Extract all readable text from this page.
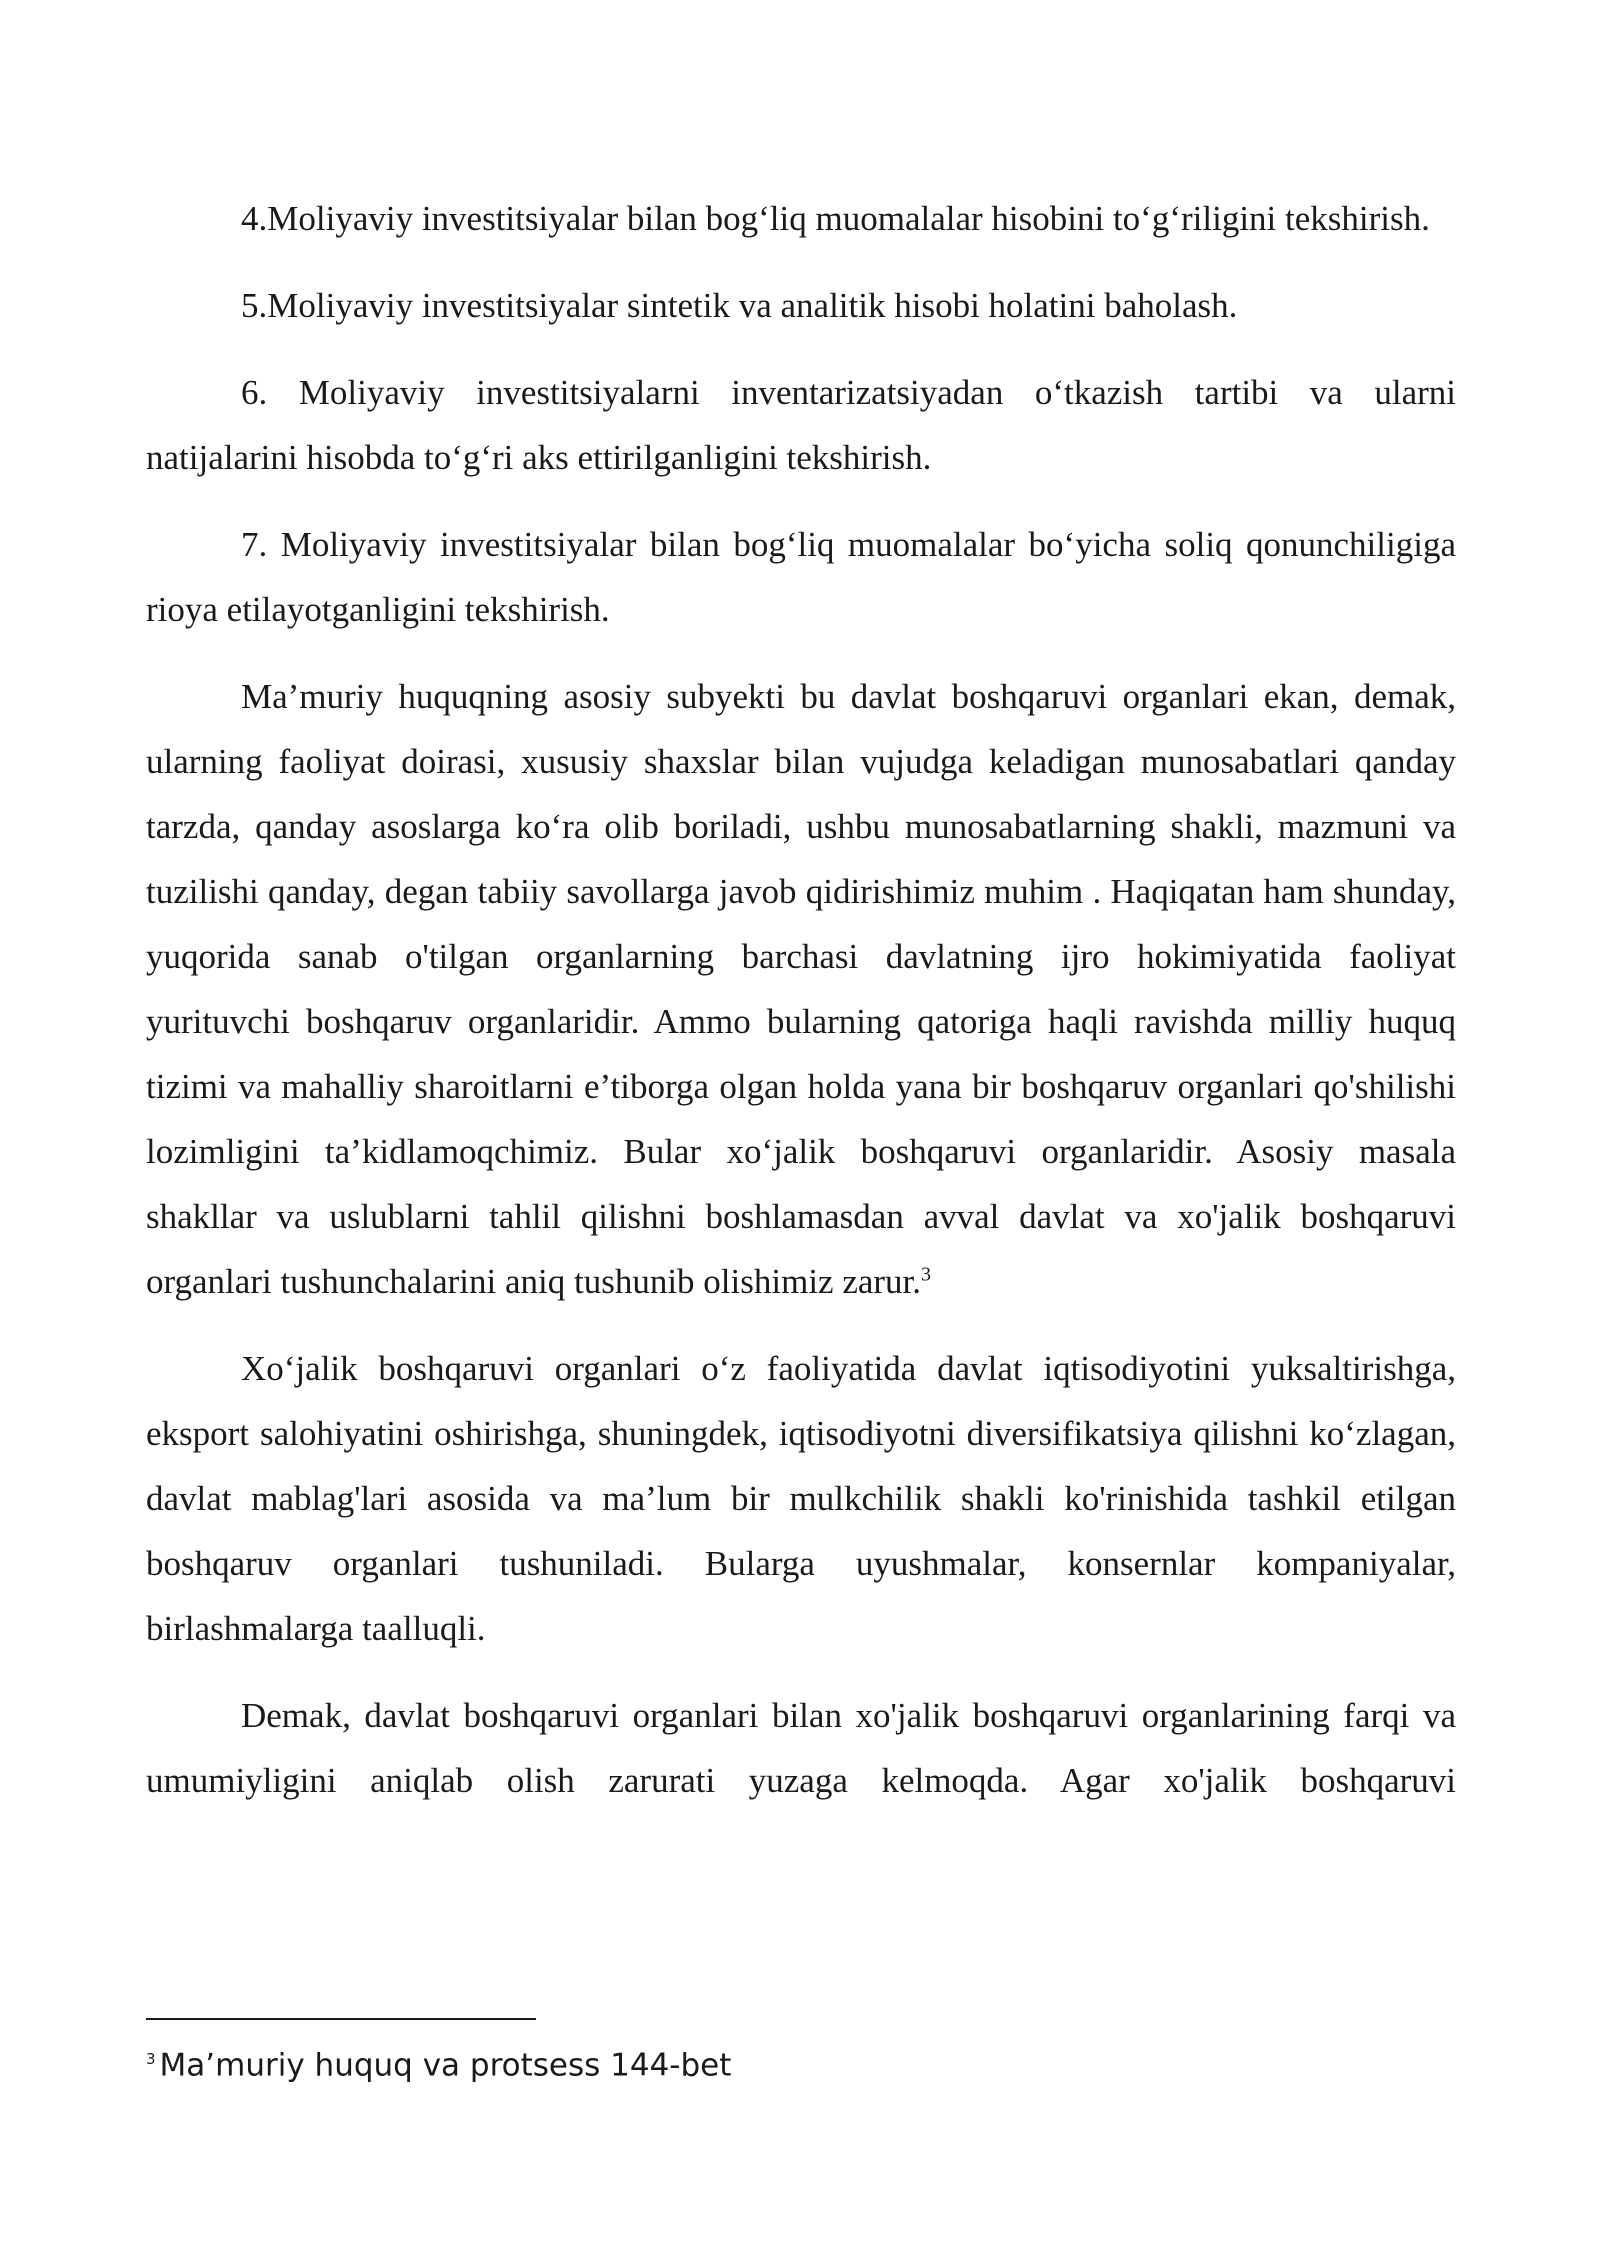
4.Moliyaviy investitsiyalar bilan bog‘liq muomalalar hisobini to‘g‘riligini tekshirish.

5.Moliyaviy investitsiyalar sintetik va analitik hisobi holatini baholash.

6. Moliyaviy investitsiyalarni inventarizatsiyadan o‘tkazish tartibi va ularni natijalarini hisobda to‘g‘ri aks ettirilganligini tekshirish.

7. Moliyaviy investitsiyalar bilan bog‘liq muomalalar bo‘yicha soliq qonunchiligiga rioya etilayotganligini tekshirish.

Ma’muriy huquqning asosiy subyekti bu davlat boshqaruvi organlari ekan, demak, ularning faoliyat doirasi, xususiy shaxslar bilan vujudga keladigan munosabatlari qanday tarzda, qanday asoslarga ko‘ra olib boriladi, ushbu munosabatlarning shakli, mazmuni va tuzilishi qanday, degan tabiiy savollarga javob qidirishimiz muhim . Haqiqatan ham shunday, yuqorida sanab o'tilgan organlarning barchasi davlatning ijro hokimiyatida faoliyat yurituvchi boshqaruv organlaridir. Ammo bularning qatoriga haqli ravishda milliy huquq tizimi va mahalliy sharoitlarni e’tiborga olgan holda yana bir boshqaruv organlari qo'shilishi lozimligini ta’kidlamoqchimiz. Bular xo‘jalik boshqaruvi organlaridir. Asosiy masala shakllar va uslublarni tahlil qilishni boshlamasdan avval davlat va xo'jalik boshqaruvi organlari tushunchalarini aniq tushunib olishimiz zarur.$^3$

Xo‘jalik boshqaruvi organlari o‘z faoliyatida davlat iqtisodiyotini yuksaltirishga, eksport salohiyatini oshirishga, shuningdek, iqtisodiyotni diversifikatsiya qilishni ko‘zlagan, davlat mablag'lari asosida va ma’lum bir mulkchilik shakli ko'rinishida tashkil etilgan boshqaruv organlari tushuniladi. Bularga uyushmalar, konsernlar kompaniyalar, birlashmalarga taalluqli.

Demak, davlat boshqaruvi organlari bilan xo'jalik boshqaruvi organlarining farqi va umumiyligini aniqlab olish zarurati yuzaga kelmoqda. Agar xo'jalik boshqaruvi

$^3$ Ma’muriy huquq va protsess 144-bet
